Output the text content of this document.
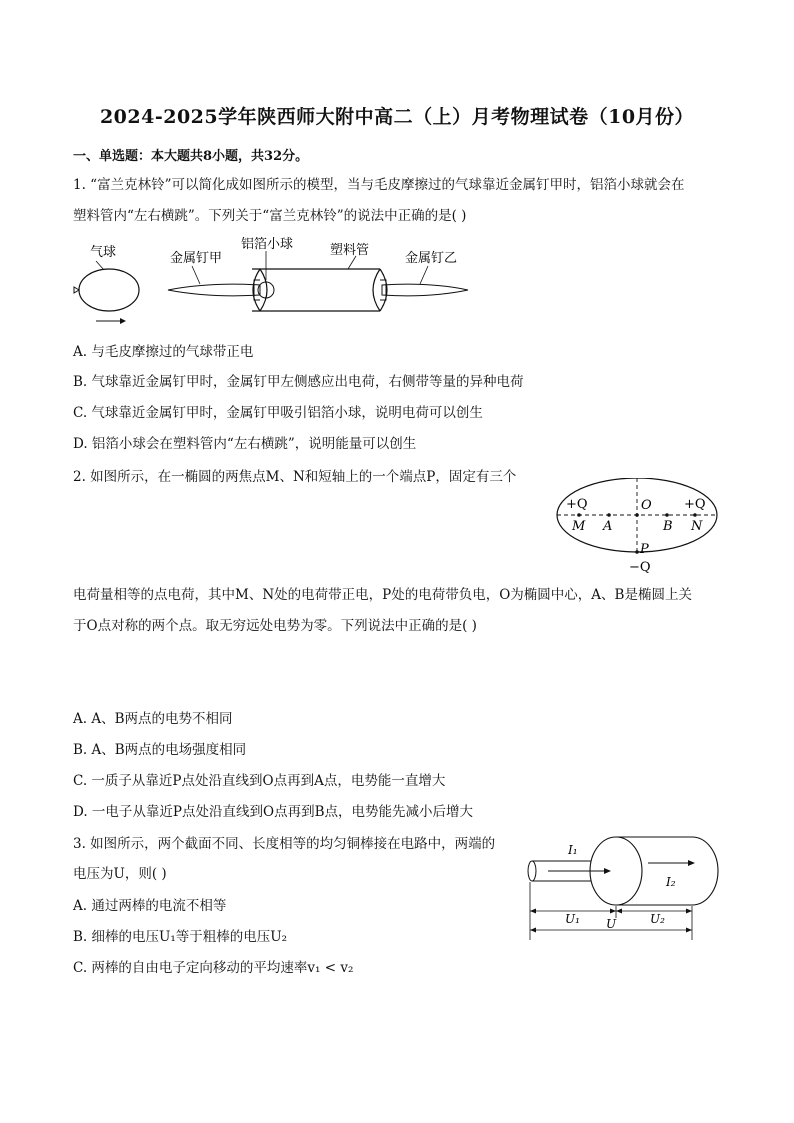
2024-2025学年陕西师大附中高二（上）月考物理试卷（10月份）
一、单选题：本大题共8小题，共32分。
1. “富兰克林铃”可以简化成如图所示的模型，当与毛皮摩擦过的气球靠近金属钉甲时，铝箔小球就会在
塑料管内“左右横跳”。下列关于“富兰克林铃”的说法中正确的是( )
气球	金属钉甲
铝箔小球	塑料管
金属钉乙
A. 与毛皮摩擦过的气球带正电
B. 气球靠近金属钉甲时，金属钉甲左侧感应出电荷，右侧带等量的异种电荷
C. 气球靠近金属钉甲时，金属钉甲吸引铝箔小球，说明电荷可以创生
D. 铝箔小球会在塑料管内“左右横跳”，说明能量可以创生
2. 如图所示，在一椭圆的两焦点M、N和短轴上的一个端点P，固定有三个
+Q	+Q
O
M A	B N
P
−Q
电荷量相等的点电荷，其中M、N处的电荷带正电，P处的电荷带负电，O为椭圆中心，A、B是椭圆上关
于O点对称的两个点。取无穷远处电势为零。下列说法中正确的是( )
A. A、B两点的电势不相同
B. A、B两点的电场强度相同
C. 一质子从靠近P点处沿直线到O点再到A点，电势能一直增大
D. 一电子从靠近P点处沿直线到O点再到B点，电势能先减小后增大
3. 如图所示，两个截面不同、长度相等的均匀铜棒接在电路中，两端的
电压为U，则( )
I₁
I₂
U₁	U₂
U
A. 通过两棒的电流不相等
B. 细棒的电压U₁等于粗棒的电压U₂
C. 两棒的自由电子定向移动的平均速率v₁ < v₂
